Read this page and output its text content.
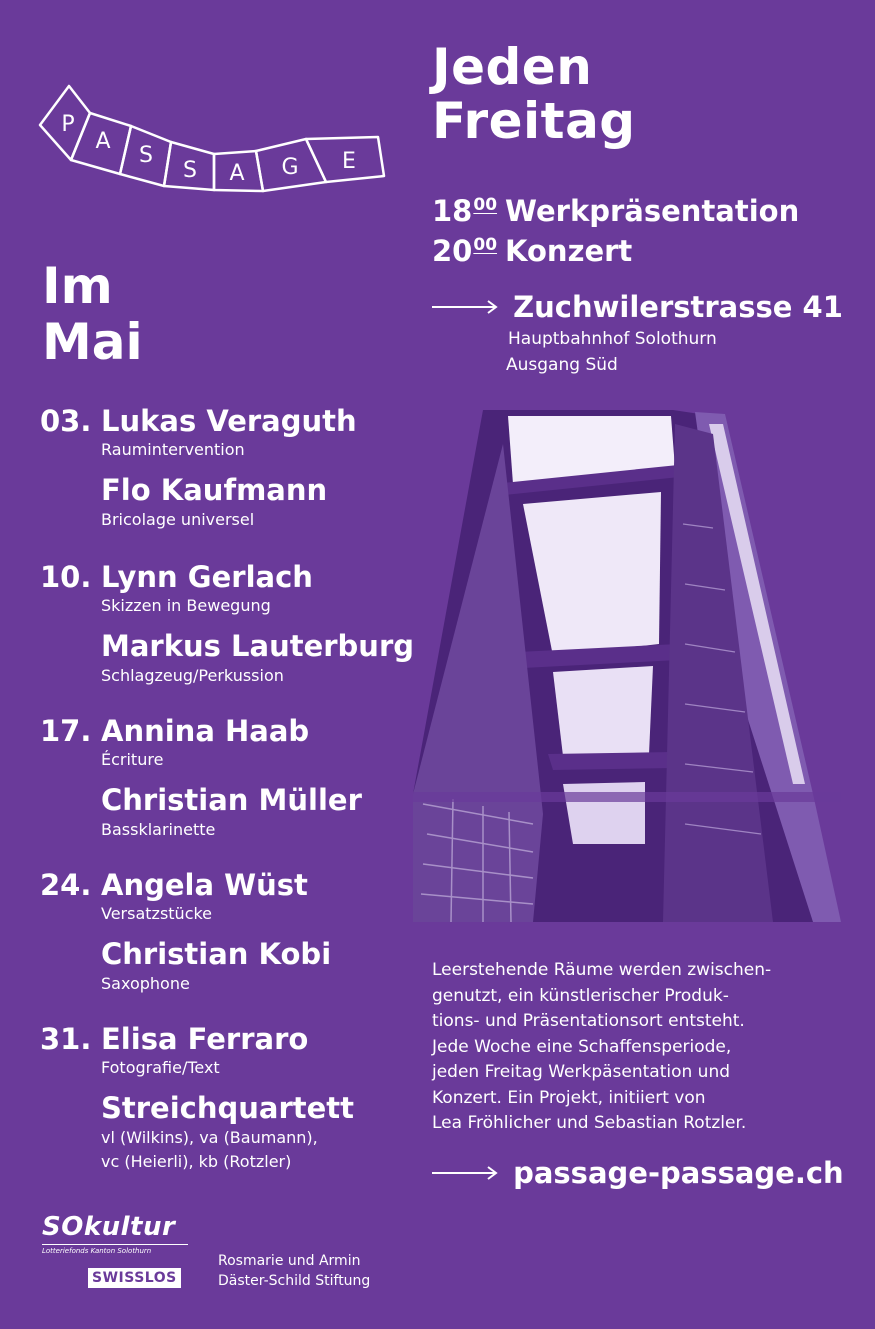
P
A
S
S A G E
Jeden
Freitag
$18^{00}$ Werkpräsentation
$20^{00}$ Konzert
Zuchwilerstrasse 41
Hauptbahnhof Solothurn
Ausgang Süd
Im
Mai
03. Lukas Veraguth
Raumintervention
Flo Kaufmann
Bricolage universel
10. Lynn Gerlach
Skizzen in Bewegung
Markus Lauterburg
Schlagzeug/Perkussion
17. Annina Haab
Écriture
Christian Müller
Bassklarinette
24. Angela Wüst
Versatzstücke
Christian Kobi
Saxophone
31. Elisa Ferraro
Fotografie/Text
Streichquartett
vl (Wilkins), va (Baumann),
vc (Heierli), kb (Rotzler)
Leerstehende Räume werden zwischen-
genutzt, ein künstlerischer Produk-
tions- und Präsentationsort entsteht.
Jede Woche eine Schaffensperiode,
jeden Freitag Werkpäsentation und
Konzert. Ein Projekt, initiiert von
Lea Fröhlicher und Sebastian Rotzler.
passage-passage.ch
SOkultur
Lotteriefonds Kanton Solothurn
SWISSLOS
Rosmarie und Armin
Däster-Schild Stiftung
